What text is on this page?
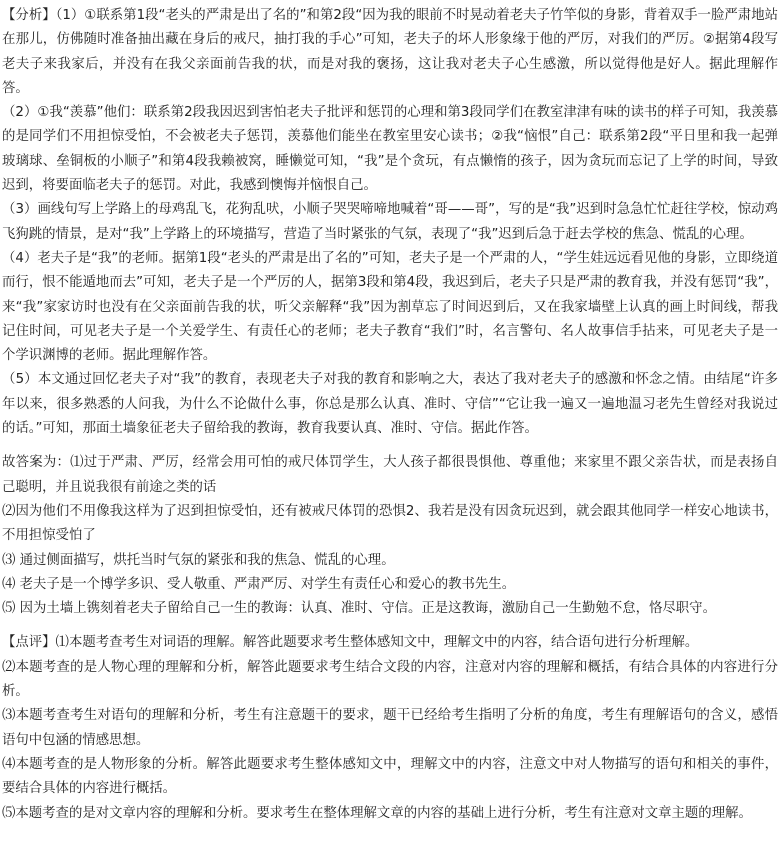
【分析】（1）①联系第1段“老头的严肃是出了名的”和第2段“因为我的眼前不时晃动着老夫子竹竿似的身影，背着双手一脸严肃地站在那儿，仿佛随时准备抽出藏在身后的戒尺，抽打我的手心”可知，老夫子的坏人形象缘于他的严厉，对我们的严厉。②据第4段写老夫子来我家后，并没有在我父亲面前告我的状，而是对我的褒扬，这让我对老夫子心生感激，所以觉得他是好人。据此理解作答。

（2）①我“羡慕”他们：联系第2段我因迟到害怕老夫子批评和惩罚的心理和第3段同学们在教室津津有味的读书的样子可知，我羡慕的是同学们不用担惊受怕，不会被老夫子惩罚，羡慕他们能坐在教室里安心读书；②我“恼恨”自己：联系第2段“平日里和我一起弹玻璃球、垒铜板的小顺子”和第4段我赖被窝，睡懒觉可知，“我”是个贪玩，有点懒惰的孩子，因为贪玩而忘记了上学的时间，导致迟到，将要面临老夫子的惩罚。对此，我感到懊悔并恼恨自己。

（3）画线句写上学路上的母鸡乱飞，花狗乱吠，小顺子哭哭啼啼地喊着“哥——哥”，写的是“我”迟到时急急忙忙赶往学校，惊动鸡飞狗跳的情景，是对“我”上学路上的环境描写，营造了当时紧张的气氛，表现了“我”迟到后急于赶去学校的焦急、慌乱的心理。

（4）老夫子是“我”的老师。据第1段“老头的严肃是出了名的”可知，老夫子是一个严肃的人，“学生娃远远看见他的身影，立即绕道而行，恨不能遁地而去”可知，老夫子是一个严厉的人，据第3段和第4段，我迟到后，老夫子只是严肃的教育我，并没有惩罚“我”，来“我”家家访时也没有在父亲面前告我的状，听父亲解释“我”因为割草忘了时间迟到后，又在我家墙壁上认真的画上时间线，帮我记住时间，可见老夫子是一个关爱学生、有责任心的老师；老夫子教育“我们”时，名言警句、名人故事信手拈来，可见老夫子是一个学识渊博的老师。据此理解作答。

（5）本文通过回忆老夫子对“我”的教育，表现老夫子对我的教育和影响之大，表达了我对老夫子的感激和怀念之情。由结尾“许多年以来，很多熟悉的人问我，为什么不论做什么事，你总是那么认真、准时、守信”“它让我一遍又一遍地温习老先生曾经对我说过的话。”可知，那面土墙象征老夫子留给我的教诲，教育我要认真、准时、守信。据此作答。

故答案为：⑴过于严肃、严厉，经常会用可怕的戒尺体罚学生，大人孩子都很畏惧他、尊重他；来家里不跟父亲告状，而是表扬自己聪明，并且说我很有前途之类的话

⑵因为他们不用像我这样为了迟到担惊受怕，还有被戒尺体罚的恐惧2、我若是没有因贪玩迟到，就会跟其他同学一样安心地读书，不用担惊受怕了

⑶ 通过侧面描写，烘托当时气氛的紧张和我的焦急、慌乱的心理。

⑷ 老夫子是一个博学多识、受人敬重、严肃严厉、对学生有责任心和爱心的教书先生。

⑸ 因为土墙上镌刻着老夫子留给自己一生的教诲：认真、准时、守信。正是这教诲，激励自己一生勤勉不怠，恪尽职守。

【点评】⑴本题考查考生对词语的理解。解答此题要求考生整体感知文中，理解文中的内容，结合语句进行分析理解。

⑵本题考查的是人物心理的理解和分析，解答此题要求考生结合文段的内容，注意对内容的理解和概括，有结合具体的内容进行分析。

⑶本题考查考生对语句的理解和分析，考生有注意题干的要求，题干已经给考生指明了分析的角度，考生有理解语句的含义，感悟语句中包涵的情感思想。

⑷本题考查的是人物形象的分析。解答此题要求考生整体感知文中，理解文中的内容，注意文中对人物描写的语句和相关的事件，要结合具体的内容进行概括。

⑸本题考查的是对文章内容的理解和分析。要求考生在整体理解文章的内容的基础上进行分析，考生有注意对文章主题的理解。
